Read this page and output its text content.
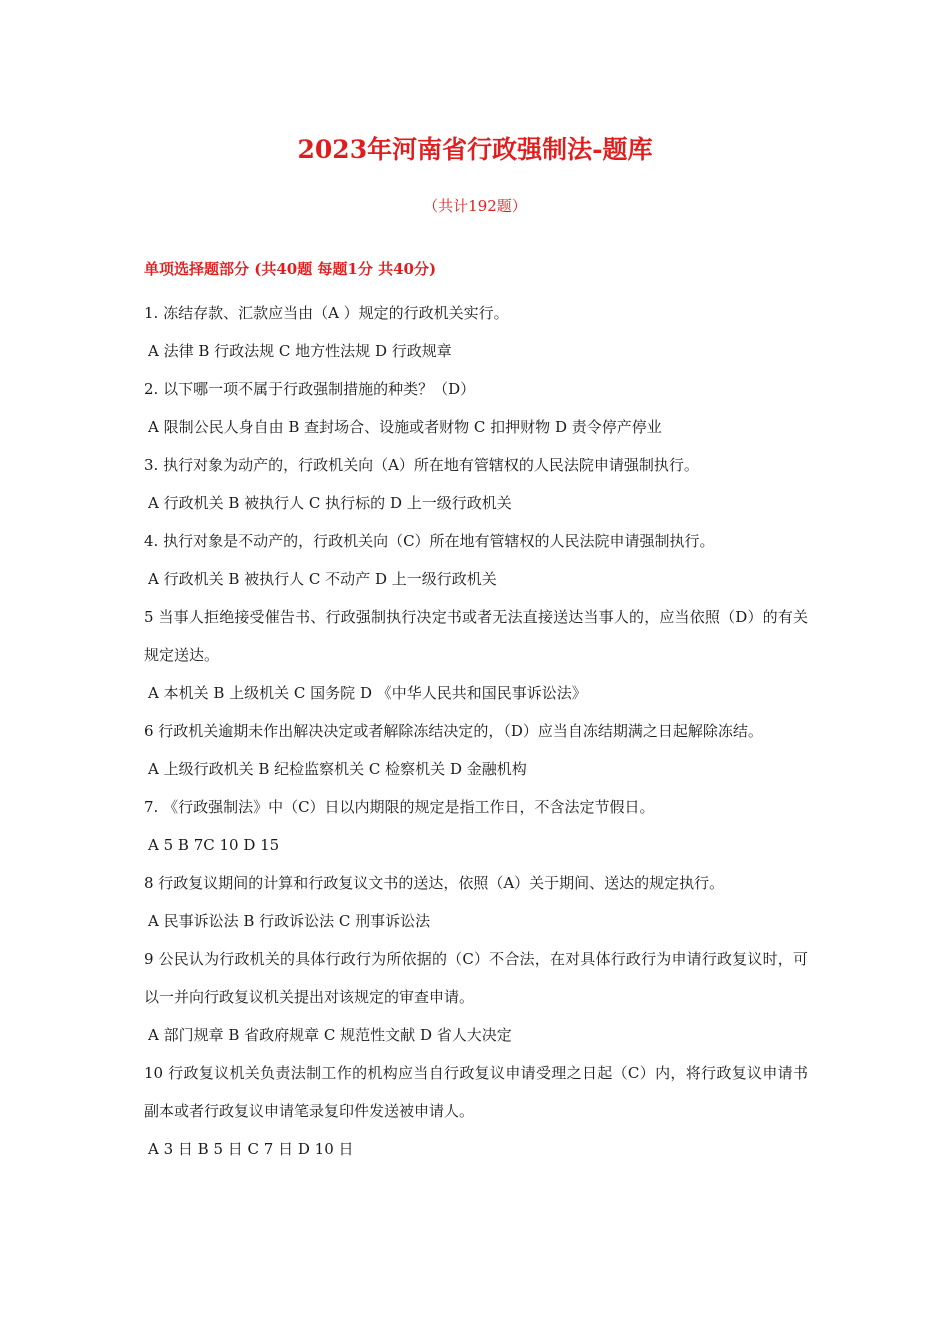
2023年河南省行政强制法-题库
（共计192题）
单项选择题部分 (共40题 每题1分 共40分)

1. 冻结存款、汇款应当由（A ）规定的行政机关实行。

A 法律 B 行政法规 C 地方性法规 D 行政规章

2. 以下哪一项不属于行政强制措施的种类？（D）

A 限制公民人身自由 B 查封场合、设施或者财物 C 扣押财物 D 责令停产停业

3. 执行对象为动产的，行政机关向（A）所在地有管辖权的人民法院申请强制执行。

A 行政机关 B 被执行人 C 执行标的 D 上一级行政机关

4. 执行对象是不动产的，行政机关向（C）所在地有管辖权的人民法院申请强制执行。

A 行政机关 B 被执行人 C 不动产 D 上一级行政机关

5 当事人拒绝接受催告书、行政强制执行决定书或者无法直接送达当事人的，应当依照（D）的有关规定送达。

A 本机关 B 上级机关 C 国务院 D 《中华人民共和国民事诉讼法》

6 行政机关逾期未作出解决决定或者解除冻结决定的，（D）应当自冻结期满之日起解除冻结。

A 上级行政机关 B 纪检监察机关 C 检察机关 D 金融机构

7. 《行政强制法》中（C）日以内期限的规定是指工作日，不含法定节假日。

A 5 B 7C 10 D 15

8 行政复议期间的计算和行政复议文书的送达，依照（A）关于期间、送达的规定执行。

A 民事诉讼法 B 行政诉讼法 C 刑事诉讼法

9 公民认为行政机关的具体行政行为所依据的（C）不合法，在对具体行政行为申请行政复议时，可以一并向行政复议机关提出对该规定的审查申请。

A 部门规章 B 省政府规章 C 规范性文献 D 省人大决定

10 行政复议机关负责法制工作的机构应当自行政复议申请受理之日起（C）内，将行政复议申请书副本或者行政复议申请笔录复印件发送被申请人。

A 3 日 B 5 日 C 7 日 D 10 日
